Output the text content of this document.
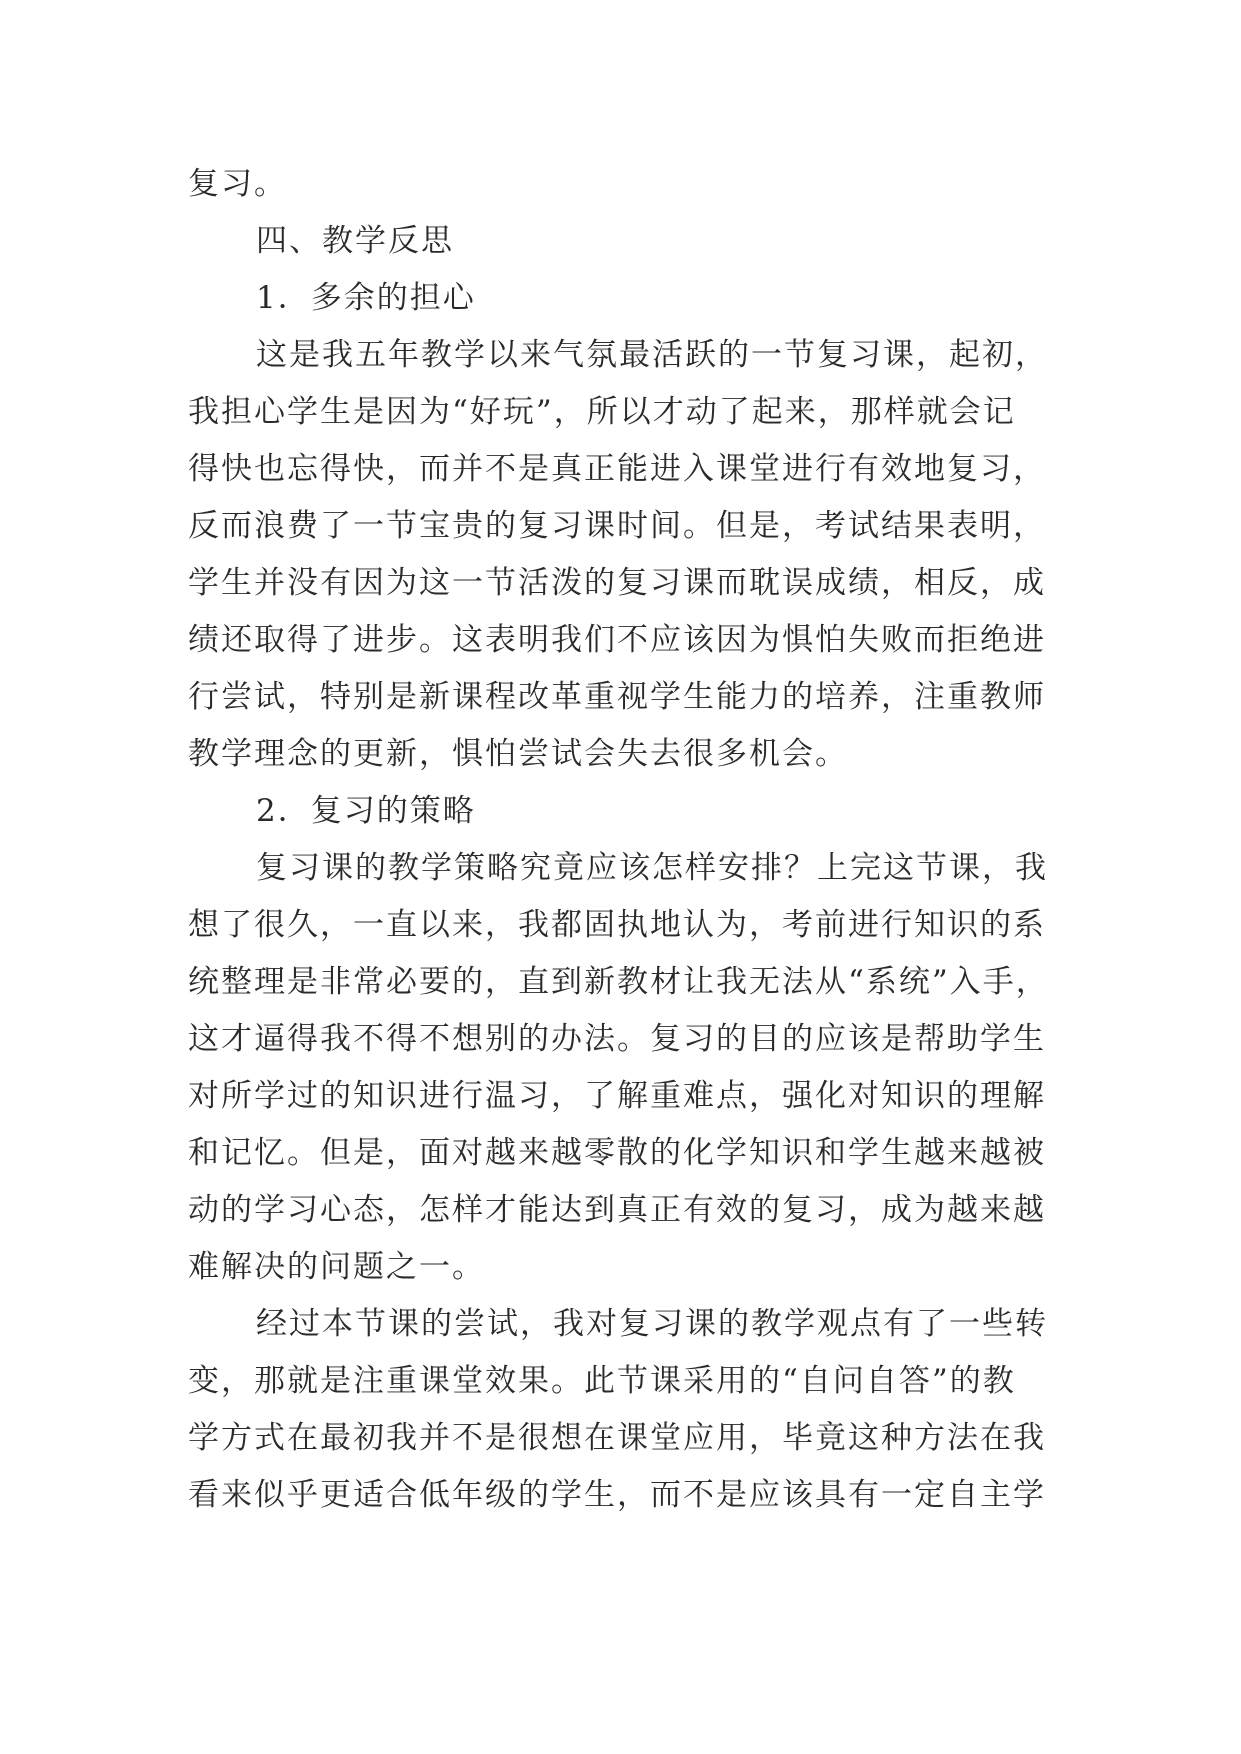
复习。
四、教学反思
1．多余的担心
这是我五年教学以来气氛最活跃的一节复习课，起初，
我担心学生是因为“好玩”，所以才动了起来，那样就会记
得快也忘得快，而并不是真正能进入课堂进行有效地复习，
反而浪费了一节宝贵的复习课时间。但是，考试结果表明，
学生并没有因为这一节活泼的复习课而耽误成绩，相反，成
绩还取得了进步。这表明我们不应该因为惧怕失败而拒绝进
行尝试，特别是新课程改革重视学生能力的培养，注重教师
教学理念的更新，惧怕尝试会失去很多机会。
2．复习的策略
复习课的教学策略究竟应该怎样安排？上完这节课，我
想了很久，一直以来，我都固执地认为，考前进行知识的系
统整理是非常必要的，直到新教材让我无法从“系统”入手，
这才逼得我不得不想别的办法。复习的目的应该是帮助学生
对所学过的知识进行温习，了解重难点，强化对知识的理解
和记忆。但是，面对越来越零散的化学知识和学生越来越被
动的学习心态，怎样才能达到真正有效的复习，成为越来越
难解决的问题之一。
经过本节课的尝试，我对复习课的教学观点有了一些转
变，那就是注重课堂效果。此节课采用的“自问自答”的教
学方式在最初我并不是很想在课堂应用，毕竟这种方法在我
看来似乎更适合低年级的学生，而不是应该具有一定自主学
